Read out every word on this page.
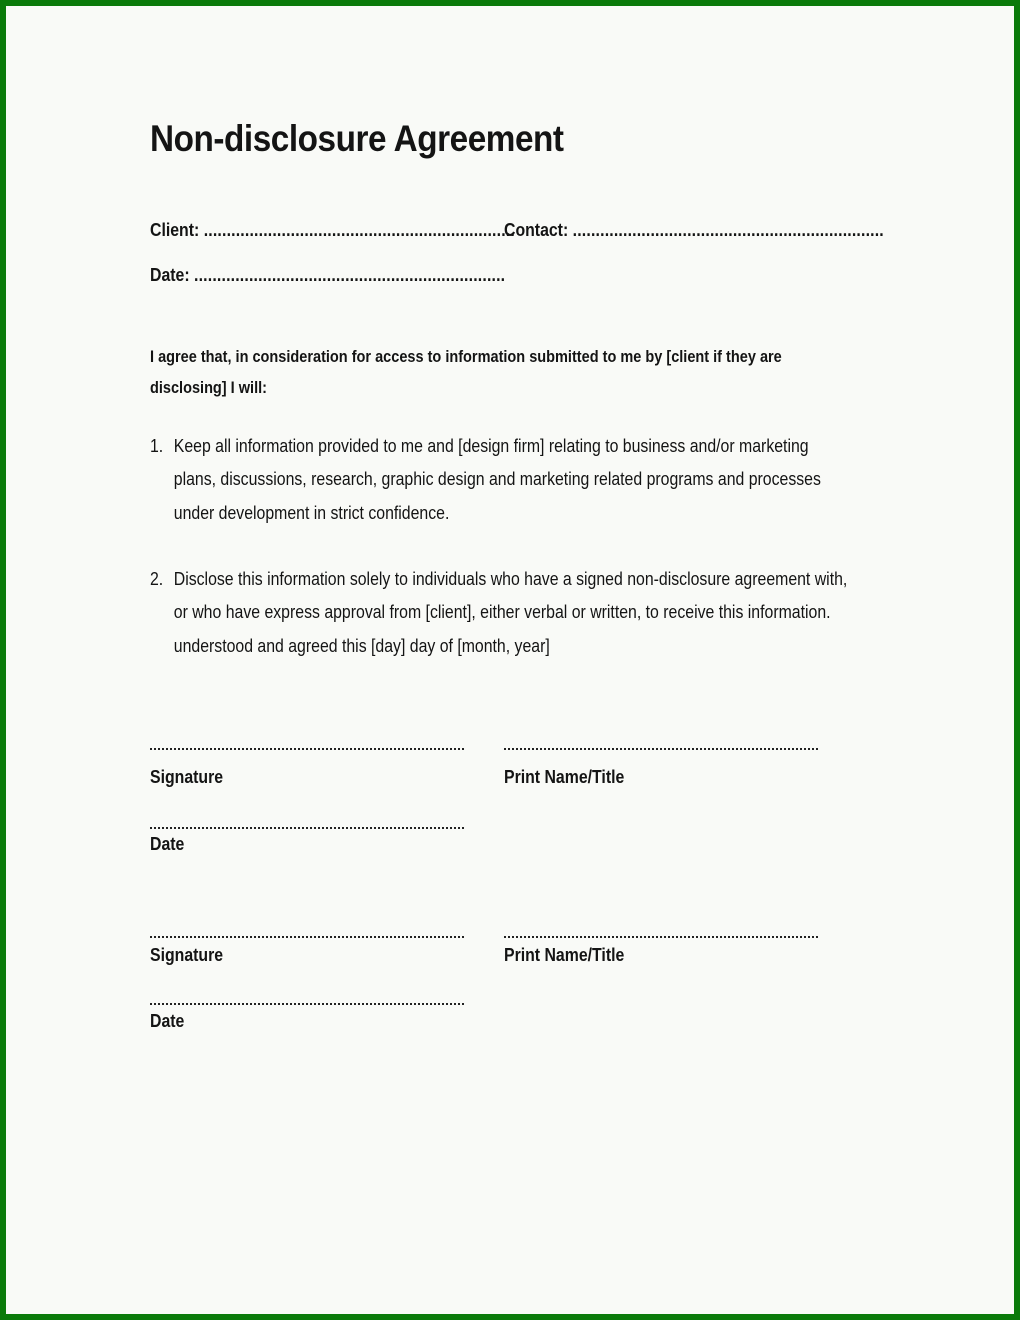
Non-disclosure Agreement
Client: ....................................................................
Contact: ....................................................................
Date: ....................................................................

I agree that, in consideration for access to information submitted to me by [client if they are disclosing] I will:

1. Keep all information provided to me and [design firm] relating to business and/or marketing plans, discussions, research, graphic design and marketing related programs and processes under development in strict confidence.
2. Disclose this information solely to individuals who have a signed non-disclosure agreement with, or who have express approval from [client], either verbal or written, to receive this information. understood and agreed this [day] day of [month, year]
Signature	Print Name/Title
Date
Signature	Print Name/Title
Date
